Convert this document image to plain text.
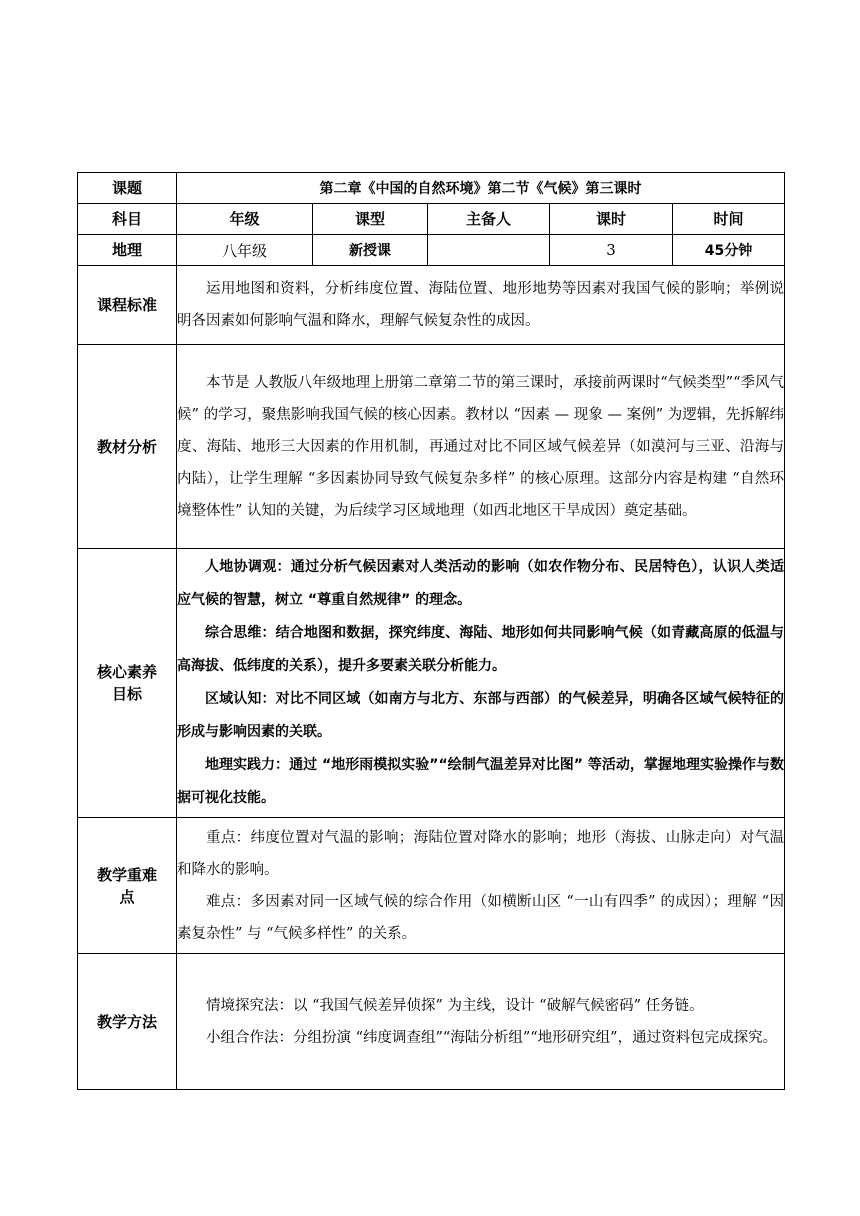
课题	第二章《中国的自然环境》第二节《气候》第三课时				
科目	年级	课型	主备人	课时	时间
地理	八年级	新授课		3	45分钟
课程标准	运用地图和资料，分析纬度位置、海陆位置、地形地势等因素对我国气候的影响；举例说明各因素如何影响气温和降水，理解气候复杂性的成因。				

教材分析	本节是 人教版八年级地理上册第二章第二节的第三课时，承接前两课时“气候类型”“季风气候” 的学习，聚焦影响我国气候的核心因素。教材以 “因素 — 现象 — 案例” 为逻辑，先拆解纬度、海陆、地形三大因素的作用机制，再通过对比不同区域气候差异（如漠河与三亚、沿海与内陆），让学生理解 “多因素协同导致气候复杂多样” 的核心原理。这部分内容是构建 “自然环境整体性” 认知的关键，为后续学习区域地理（如西北地区干旱成因）奠定基础。				

核心素养目标	人地协调观：通过分析气候因素对人类活动的影响（如农作物分布、民居特色），认识人类适应气候的智慧，树立 “尊重自然规律” 的理念。

综合思维：结合地图和数据，探究纬度、海陆、地形如何共同影响气候（如青藏高原的低温与高海拔、低纬度的关系），提升多要素关联分析能力。

区域认知：对比不同区域（如南方与北方、东部与西部）的气候差异，明确各区域气候特征的形成与影响因素的关联。

地理实践力：通过 “地形雨模拟实验”“绘制气温差异对比图” 等活动，掌握地理实验操作与数据可视化技能。				

教学重难点	重点：纬度位置对气温的影响；海陆位置对降水的影响；地形（海拔、山脉走向）对气温和降水的影响。

难点：多因素对同一区域气候的综合作用（如横断山区 “一山有四季” 的成因）；理解 “因素复杂性” 与 “气候多样性” 的关系。				

教学方法	情境探究法：以 “我国气候差异侦探” 为主线，设计 “破解气候密码” 任务链。

小组合作法：分组扮演 “纬度调查组”“海陆分析组”“地形研究组”，通过资料包完成探究。				
